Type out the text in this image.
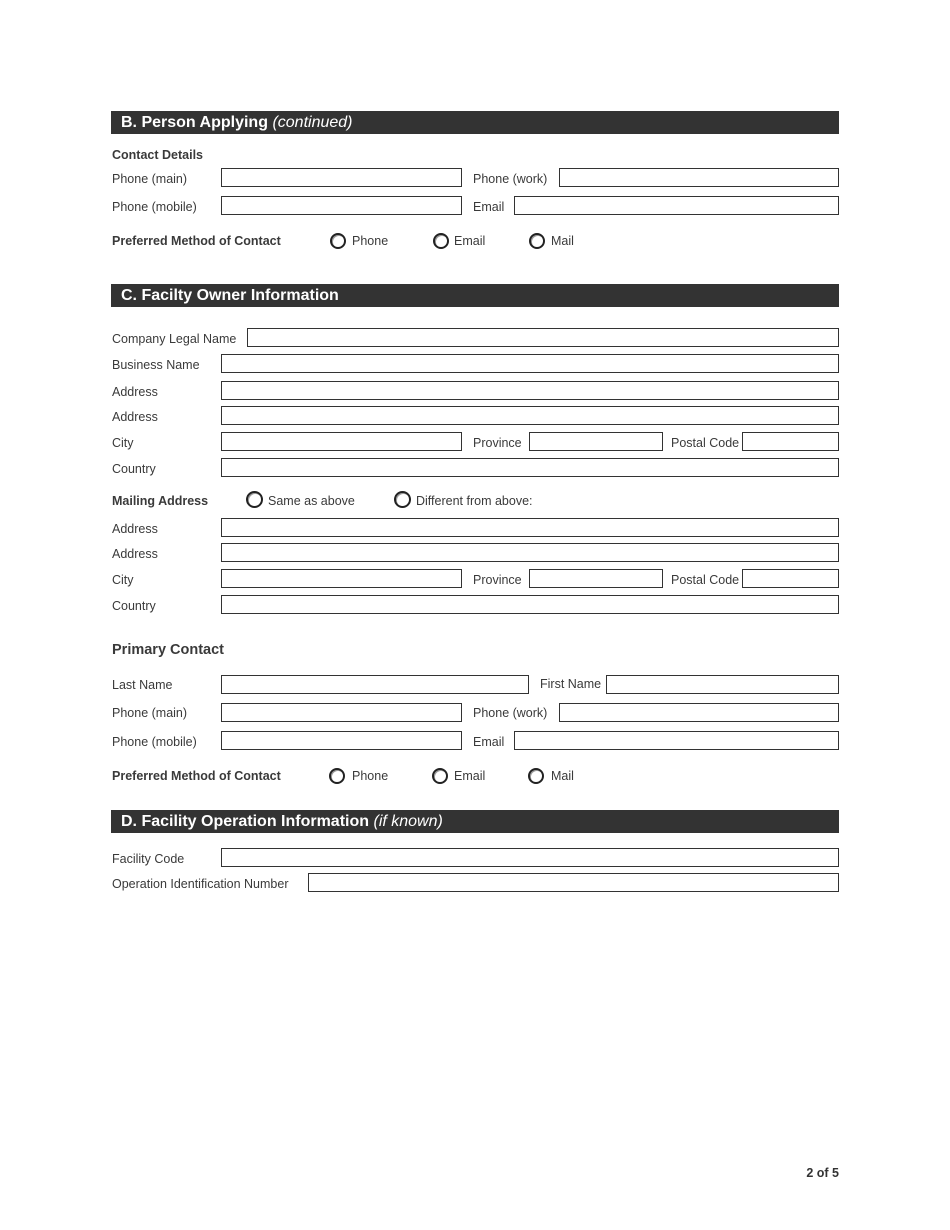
B. Person Applying (continued)
Contact Details
Phone (main)	Phone (work)
Phone (mobile)	Email
Preferred Method of Contact	Phone	Email	Mail
C. Facilty Owner Information
Company Legal Name
Business Name
Address
Address
City	Province	Postal Code
Country
Mailing Address	Same as above	Different from above:
Address
Address
City	Province	Postal Code
Country
Primary Contact
Last Name	First Name
Phone (main)	Phone (work)
Phone (mobile)	Email
Preferred Method of Contact	Phone	Email	Mail
D. Facility Operation Information (if known)
Facility Code
Operation Identification Number
2 of 5
